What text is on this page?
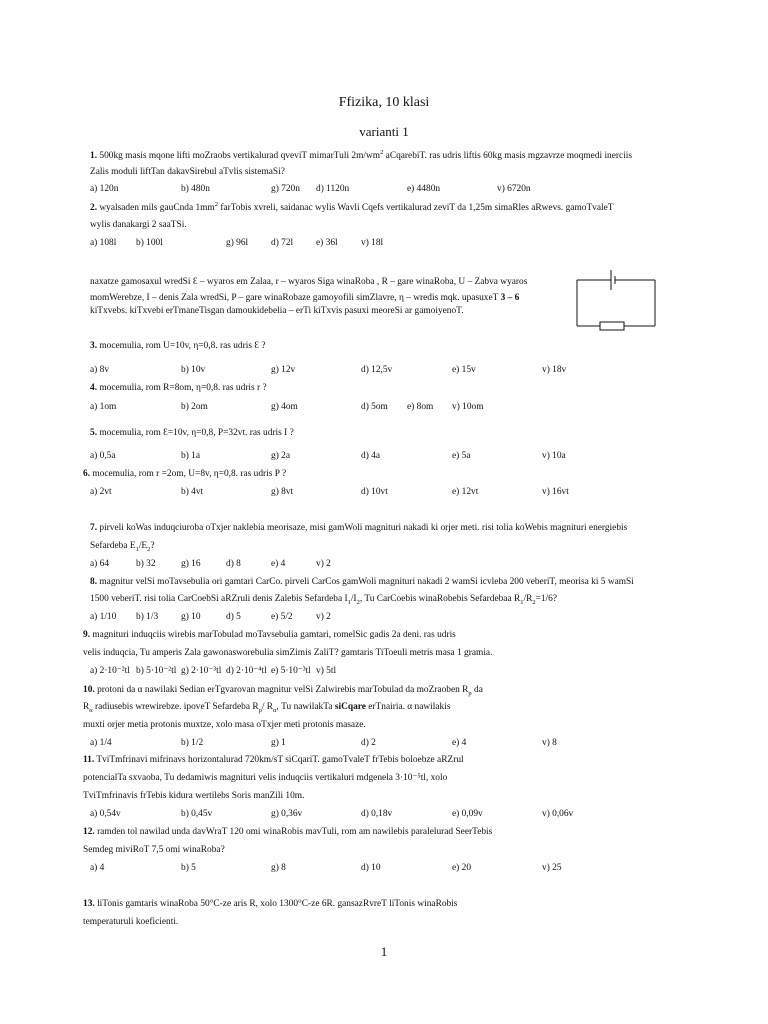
Ffizika, 10 klasi
varianti 1
1. 500kg masis mqone lifti moZraobs vertikalurad qveviT mimarTuli $2m/wm^2$ aCqarebiT. ras udris liftis 60kg masis mgzavrze moqmedi inerciis
Zalis moduli liftTan dakavSirebul aTvlis sistemaSi?
a) 120n	b) 480n	g) 720n d) 1120n	e) 4480n	v) 6720n
2. wyalsaden mils gauCnda $1mm^2$ farTobis xvreli, saidanac wylis Wavli Cqefs vertikalurad zeviT da 1,25m simaRles aRwevs. gamoTvaleT
wylis danakargi 2 saaTSi.
a) 108l b) 100l	g) 96l d) 72l e) 36l v) 18l
naxatze gamosaxul wredSi Ɛ – wyaros em Zalaa, r – wyaros Siga winaRoba , R – gare winaRoba, U – Zabva wyaros
momWerebze, I – denis Zala wredSi, P – gare winaRobaze gamoyofili simZlavre, η – wredis mqk. upasuxeT 3 – 6
kiTxvebs. kiTxvebi erTmaneTisgan damoukidebelia – erTi kiTxvis pasuxi meoreSi ar gamoiyenoT.
3. mocemulia, rom U=10v, η=0,8. ras udris Ɛ ?
a) 8v	b) 10v	g) 12v	d) 12,5v	e) 15v	v) 18v
4. mocemulia, rom R=8om, η=0,8. ras udris r ?
a) 1om	b) 2om	g) 4om	d) 5om e) 8om v) 10om
5. mocemulia, rom Ɛ=10v, η=0,8, P=32vt. ras udris I ?
a) 0,5a	b) 1a	g) 2a	d) 4a	e) 5a	v) 10a
6. mocemulia, rom r =2om, U=8v, η=0,8. ras udris P ?
a) 2vt	b) 4vt	g) 8vt	d) 10vt	e) 12vt	v) 16vt
7. pirveli koWas induqciuroba oTxjer naklebia meorisaze, misi gamWoli magnituri nakadi ki orjer meti. risi tolia koWebis magnituri energiebis
Sefardeba $E_1/E_2$?
a) 64	b) 32	g) 16	d) 8	e) 4	v) 2
8. magnitur velSi moTavsebulia ori gamtari CarCo. pirveli CarCos gamWoli magnituri nakadi 2 wamSi icvleba 200 veberiT, meorisa ki 5 wamSi
1500 veberiT. risi tolia CarCoebSi aRZruli denis Zalebis Sefardeba $I_1/I_2$, Tu CarCoebis winaRobebis Sefardebaa $R_1/R_2=1/6$?
a) 1/10 b) 1/3 g) 10	d) 5	e) 5/2 v) 2
9. magnituri induqciis wirebis marTobulad moTavsebulia gamtari, romelSic gadis 2a deni. ras udris
velis induqcia, Tu amperis Zala gawonasworebulia simZimis ZaliT? gamtaris TiToeuli metris masa 1 gramia.
a) 2·10⁻²tl b) 5·10⁻²tl g) 2·10⁻³tl d) 2·10⁻⁴tl e) 5·10⁻³tl v) 5tl
10. protoni da α nawilaki Sedian erTgvarovan magnitur velSi Zalwirebis marTobulad da moZraoben $R_p$ da
$R_\alpha$ radiusebis wrewirebze. ipoveT Sefardeba $R_p/$ $R_\alpha$, Tu nawilakTa siCqare erTnairia. α nawilakis
muxti orjer metia protonis muxtze, xolo masa oTxjer meti protonis masaze.
a) 1/4	b) 1/2	g) 1	d) 2	e) 4	v) 8
11. TviTmfrinavi mifrinavs horizontalurad 720km/sT siCqariT. gamoTvaleT frTebis boloebze aRZrul
potencialTa sxvaoba, Tu dedamiwis magnituri velis induqciis vertikaluri mdgenela 3·10⁻⁵tl, xolo
TviTmfrinavis frTebis kidura wertilebs Soris manZili 10m.
a) 0,54v	b) 0,45v	g) 0,36v	d) 0,18v	e) 0,09v	v) 0,06v
12. ramden tol nawilad unda davWraT 120 omi winaRobis mavTuli, rom am nawilebis paralelurad SeerTebis
Semdeg miviRoT 7,5 omi winaRoba?
a) 4	b) 5	g) 8	d) 10	e) 20	v) 25
13. liTonis gamtaris winaRoba 50°C-ze aris R, xolo 1300°C-ze 6R. gansazRvreT liTonis winaRobis
temperaturuli koeficienti.
1
